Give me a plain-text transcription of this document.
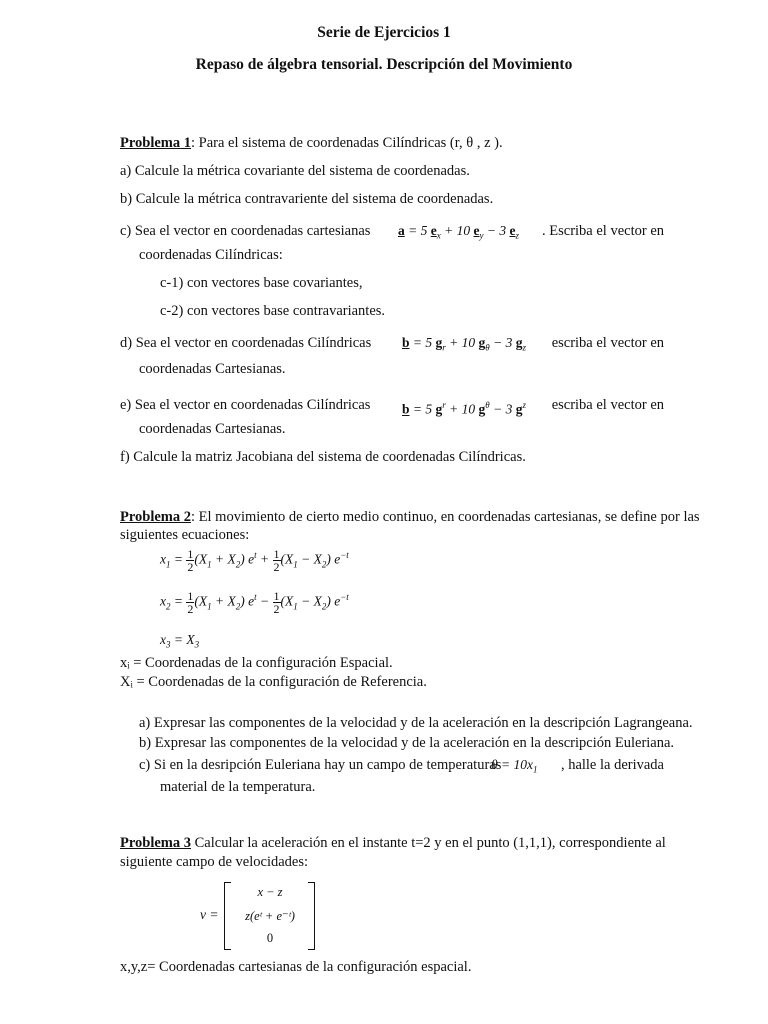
Serie de Ejercicios 1
Repaso de álgebra tensorial. Descripción del Movimiento
Problema 1: Para el sistema de coordenadas Cilíndricas (r, θ , z ).
a) Calcule la métrica covariante del sistema de coordenadas.
b) Calcule la métrica contravariente del sistema de coordenadas.
c) Sea el vector en coordenadas cartesianas a = 5 $e_x + 10$ $e_y - 3$ $e_z$ . Escriba el vector en
coordenadas Cilíndricas:
c-1) con vectores base covariantes,
c-2) con vectores base contravariantes.
d) Sea el vector en coordenadas Cilíndricas b = 5 $g_r + 10$ $g_\theta - 3$ $g_z$ escriba el vector en
coordenadas Cartesianas.
e) Sea el vector en coordenadas Cilíndricas b = 5 $g^r + 10$ $g^\theta - 3$ $g^z$ escriba el vector en
coordenadas Cartesianas.
f) Calcule la matriz Jacobiana del sistema de coordenadas Cilíndricas.
Problema 2: El movimiento de cierto medio continuo, en coordenadas cartesianas, se define por las
siguientes ecuaciones:
$x_1 = \frac{1}{2} (X_1 + X_2) e^t + \frac{1}{2} (X_1 - X_2)$ $e^{-t}$
$x_2 = \frac{1}{2} (X_1 + X_2) e^t - \frac{1}{2} (X_1 - X_2)$ $e^{-t}$
$x_3 = X_3$
xᵢ = Coordenadas de la configuración Espacial.
Xᵢ = Coordenadas de la configuración de Referencia.
a) Expresar las componentes de la velocidad y de la aceleración en la descripción Lagrangeana.
b) Expresar las componentes de la velocidad y de la aceleración en la descripción Euleriana.
c) Si en la desripción Euleriana hay un campo de temperaturas
$\theta = 10x_1$ , halle la derivada
material de la temperatura.
Problema 3 Calcular la aceleración en el instante t=2 y en el punto (1,1,1), correspondiente al
siguiente campo de velocidades:
v =
x − z
z(eᵗ + e⁻ᵗ)
0
x,y,z= Coordenadas cartesianas de la configuración espacial.
